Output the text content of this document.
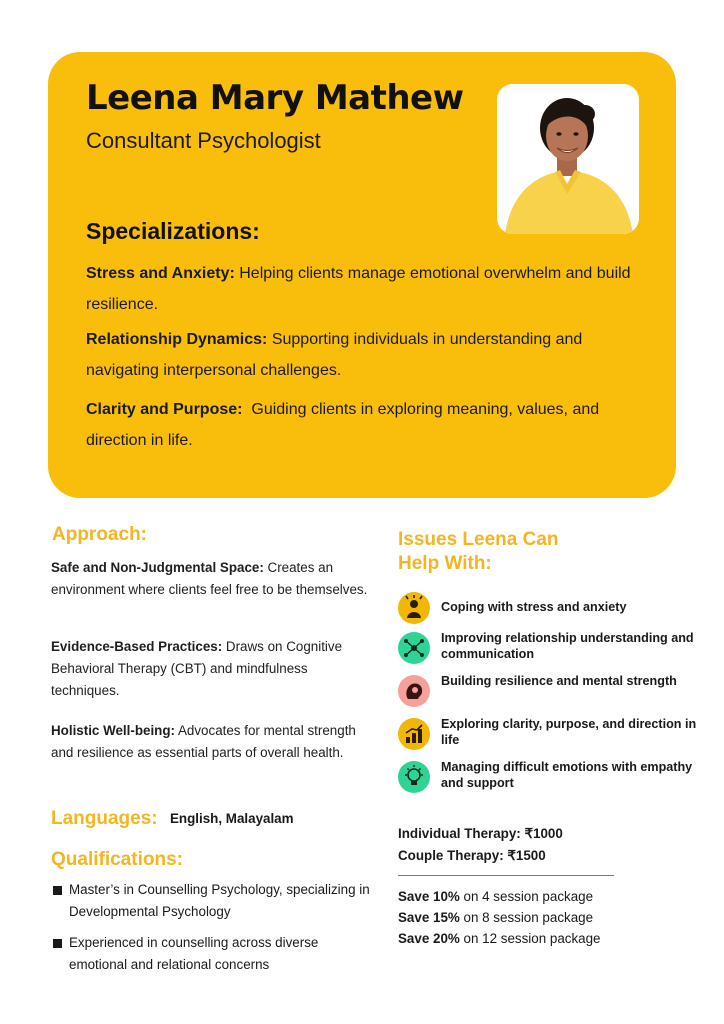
Leena Mary Mathew
Consultant Psychologist
Specializations:
Stress and Anxiety: Helping clients manage emotional overwhelm and build resilience.
Relationship Dynamics: Supporting individuals in understanding and navigating interpersonal challenges.
Clarity and Purpose:  Guiding clients in exploring meaning, values, and direction in life.
Approach:
Safe and Non-Judgmental Space: Creates an environment where clients feel free to be themselves.
Evidence-Based Practices: Draws on Cognitive Behavioral Therapy (CBT) and mindfulness techniques.
Holistic Well-being: Advocates for mental strength and resilience as essential parts of overall health.
Languages: English, Malayalam
Qualifications:
Master’s in Counselling Psychology, specializing in Developmental Psychology
Experienced in counselling across diverse emotional and relational concerns
Issues Leena Can
Help With:
Coping with stress and anxiety
Improving relationship understanding and communication
Building resilience and mental strength
Exploring clarity, purpose, and direction in life
Managing difficult emotions with empathy and support
Individual Therapy: ₹1000
Couple Therapy: ₹1500
Save 10% on 4 session package
Save 15% on 8 session package
Save 20% on 12 session package
